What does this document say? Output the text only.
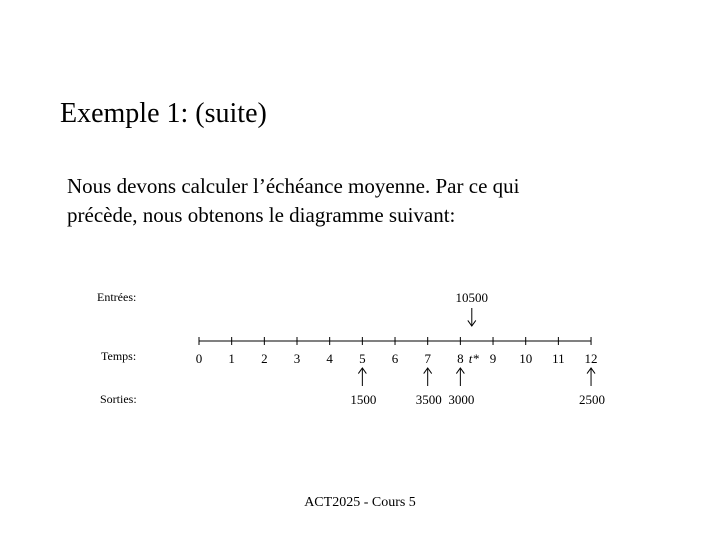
Exemple 1: (suite)
Nous devons calculer l’échéance moyenne. Par ce qui
précède, nous obtenons le diagramme suivant:
Entrées:
Temps:
Sorties:
0 1 2 3 4 5 6 7 8 9 10 11 12
t*
10500
1500	3500 3000	2500
ACT2025 - Cours 5
